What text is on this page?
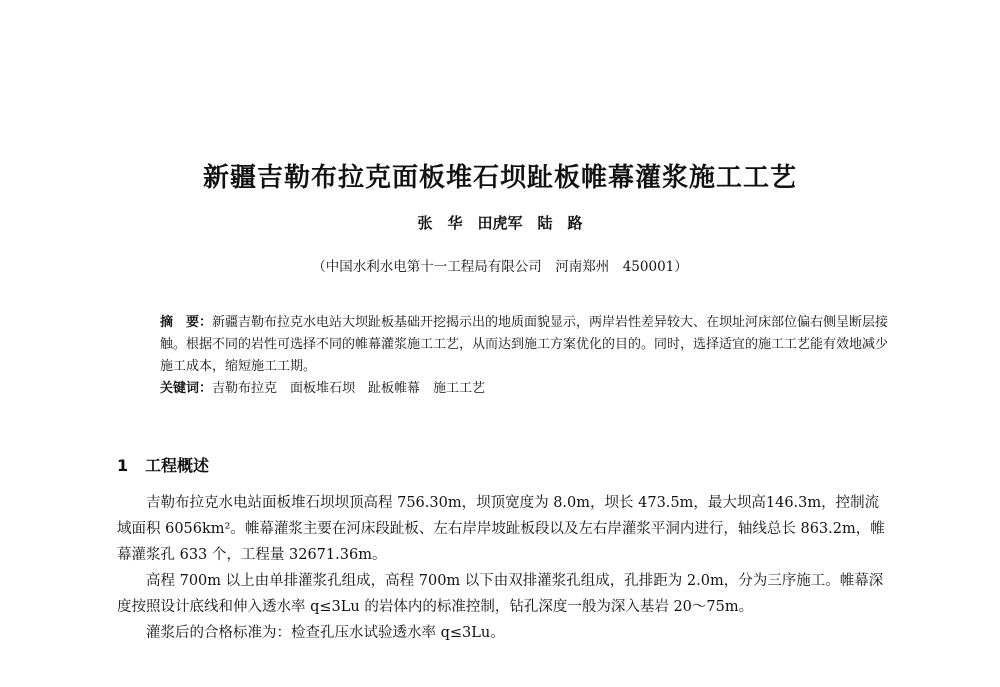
新疆吉勒布拉克面板堆石坝趾板帷幕灌浆施工工艺
张　华　田虎军　陆　路
（中国水利水电第十一工程局有限公司　河南郑州　450001）
摘　要：新疆吉勒布拉克水电站大坝趾板基础开挖揭示出的地质面貌显示，两岸岩性差异较大、在坝址河床部位偏右侧呈断层接触。根据不同的岩性可选择不同的帷幕灌浆施工工艺，从而达到施工方案优化的目的。同时，选择适宜的施工工艺能有效地减少施工成本，缩短施工工期。
关键词：吉勒布拉克　面板堆石坝　趾板帷幕　施工工艺
1 工程概述

吉勒布拉克水电站面板堆石坝坝顶高程 756.30m，坝顶宽度为 8.0m，坝长 473.5m，最大坝高146.3m，控制流域面积 6056km²。帷幕灌浆主要在河床段趾板、左右岸岸坡趾板段以及左右岸灌浆平洞内进行，轴线总长 863.2m，帷幕灌浆孔 633 个，工程量 32671.36m。

高程 700m 以上由单排灌浆孔组成，高程 700m 以下由双排灌浆孔组成，孔排距为 2.0m，分为三序施工。帷幕深度按照设计底线和伸入透水率 q≤3Lu 的岩体内的标准控制，钻孔深度一般为深入基岩 20～75m。

灌浆后的合格标准为：检查孔压水试验透水率 q≤3Lu。
